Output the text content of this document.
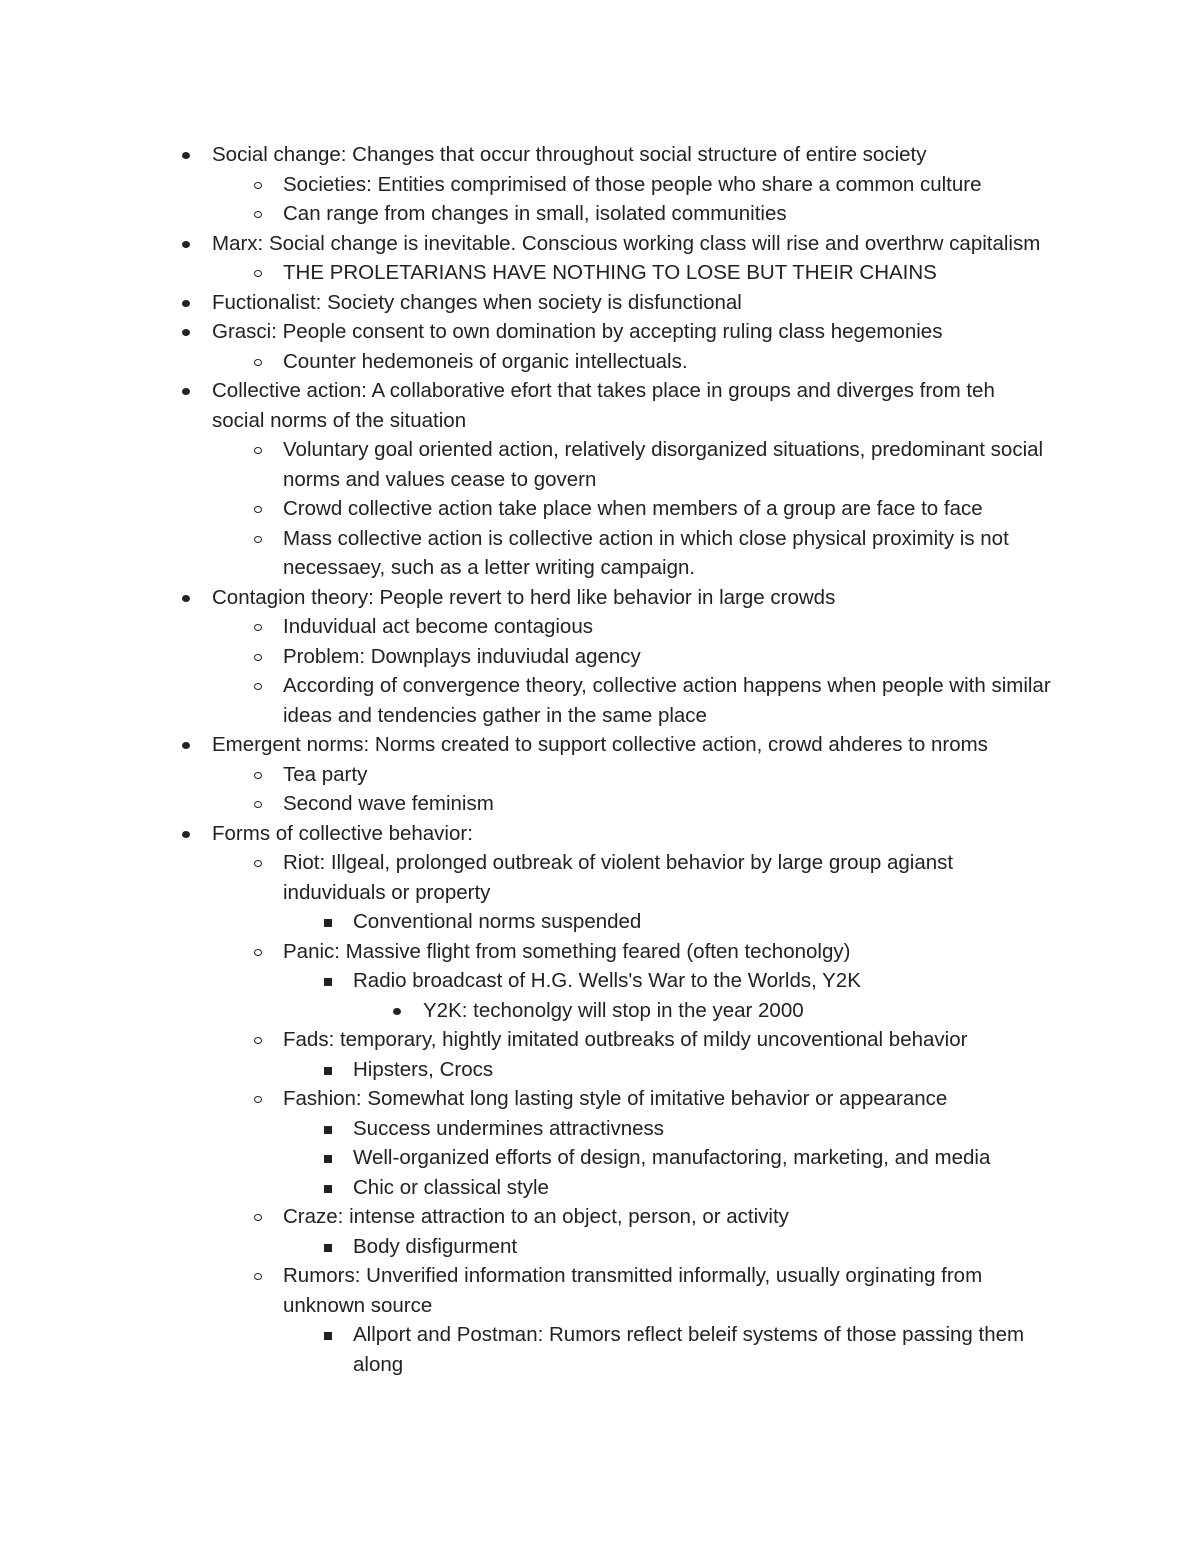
Social change: Changes that occur throughout social structure of entire society
Societies: Entities comprimised of those people who share a common culture
Can range from changes in small, isolated communities
Marx: Social change is inevitable. Conscious working class will rise and overthrw capitalism
THE PROLETARIANS HAVE NOTHING TO LOSE BUT THEIR CHAINS
Fuctionalist: Society changes when society is disfunctional
Grasci: People consent to own domination by accepting ruling class hegemonies
Counter hedemoneis of organic intellectuals.
Collective action: A collaborative efort that takes place in groups and diverges from teh social norms of the situation
Voluntary goal oriented action, relatively disorganized situations, predominant social norms and values cease to govern
Crowd collective action take place when members of a group are face to face
Mass collective action is collective action in which close physical proximity is not necessaey, such as a letter writing campaign.
Contagion theory: People revert to herd like behavior in large crowds
Induvidual act become contagious
Problem: Downplays induviudal agency
According of convergence theory, collective action happens when people with similar ideas and tendencies gather in the same place
Emergent norms: Norms created to support collective action, crowd ahderes to nroms
Tea party
Second wave feminism
Forms of collective behavior:
Riot: Illgeal, prolonged outbreak of violent behavior by large group agianst induviduals or property
Conventional norms suspended
Panic: Massive flight from something feared (often techonolgy)
Radio broadcast of H.G. Wells's War to the Worlds, Y2K
Y2K: techonolgy will stop in the year 2000
Fads: temporary, hightly imitated outbreaks of mildy uncoventional behavior
Hipsters, Crocs
Fashion: Somewhat long lasting style of imitative behavior or appearance
Success undermines attractivness
Well-organized efforts of design, manufactoring, marketing, and media
Chic or classical style
Craze: intense attraction to an object, person, or activity
Body disfigurment
Rumors: Unverified information transmitted informally, usually orginating from unknown source
Allport and Postman: Rumors reflect beleif systems of those passing them along
